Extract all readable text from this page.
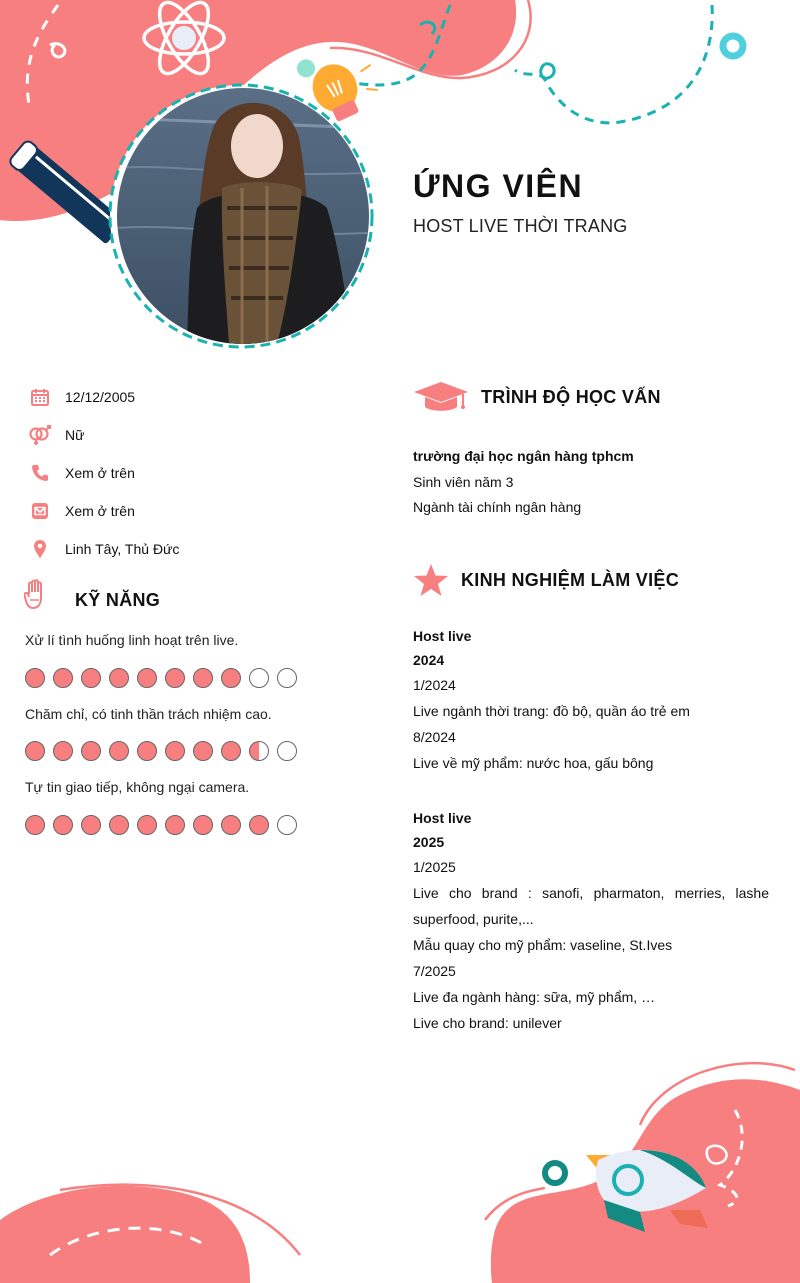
ỨNG VIÊN
HOST LIVE THỜI TRANG
12/12/2005
Nữ
Xem ở trên
Xem ở trên
Linh Tây, Thủ Đức
KỸ NĂNG
Xử lí tình huống linh hoạt trên live.
Chăm chỉ, có tinh thần trách nhiệm cao.
Tự tin giao tiếp, không ngại camera.
TRÌNH ĐỘ HỌC VẤN
trường đại học ngân hàng tphcm
Sinh viên năm 3
Ngành tài chính ngân hàng
KINH NGHIỆM LÀM VIỆC
Host live
2024
1/2024
Live ngành thời trang: đồ bộ, quần áo trẻ em
8/2024
Live về mỹ phẩm: nước hoa, gấu bông
Host live
2025
1/2025
Live cho brand : sanofi, pharmaton, merries, lashe superfood, purite,...
Mẫu quay cho mỹ phẩm: vaseline, St.Ives
7/2025
Live đa ngành hàng: sữa, mỹ phẩm, …
Live cho brand: unilever
